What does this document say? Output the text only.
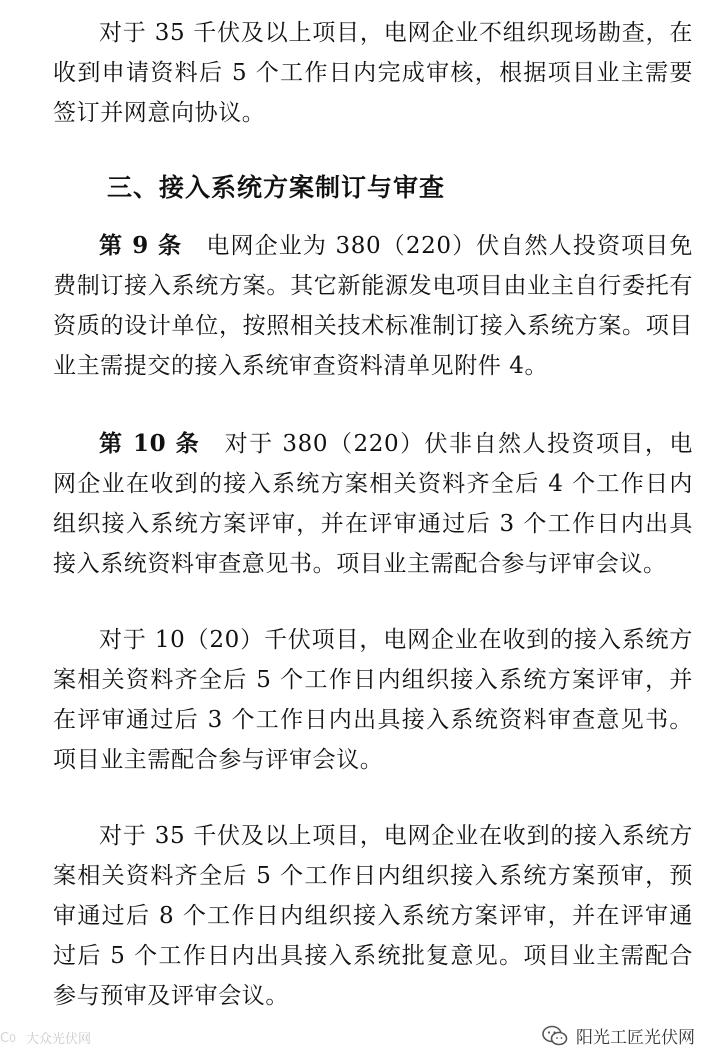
对于 35 千伏及以上项目，电网企业不组织现场勘查，在收到申请资料后 5 个工作日内完成审核，根据项目业主需要签订并网意向协议。

三、接入系统方案制订与审查

第 9 条　 电网企业为 380（220）伏自然人投资项目免费制订接入系统方案。其它新能源发电项目由业主自行委托有资质的设计单位，按照相关技术标准制订接入系统方案。项目业主需提交的接入系统审查资料清单见附件 4。

第 10 条　 对于 380（220）伏非自然人投资项目，电网企业在收到的接入系统方案相关资料齐全后 4 个工作日内组织接入系统方案评审，并在评审通过后 3 个工作日内出具接入系统资料审查意见书。项目业主需配合参与评审会议。

对于 10（20）千伏项目，电网企业在收到的接入系统方案相关资料齐全后 5 个工作日内组织接入系统方案评审，并在评审通过后 3 个工作日内出具接入系统资料审查意见书。项目业主需配合参与评审会议。

对于 35 千伏及以上项目，电网企业在收到的接入系统方案相关资料齐全后 5 个工作日内组织接入系统方案预审，预审通过后 8 个工作日内组织接入系统方案评审，并在评审通过后 5 个工作日内出具接入系统批复意见。项目业主需配合参与预审及评审会议。

C 0 大众光伏网	阳光工匠光伏网
